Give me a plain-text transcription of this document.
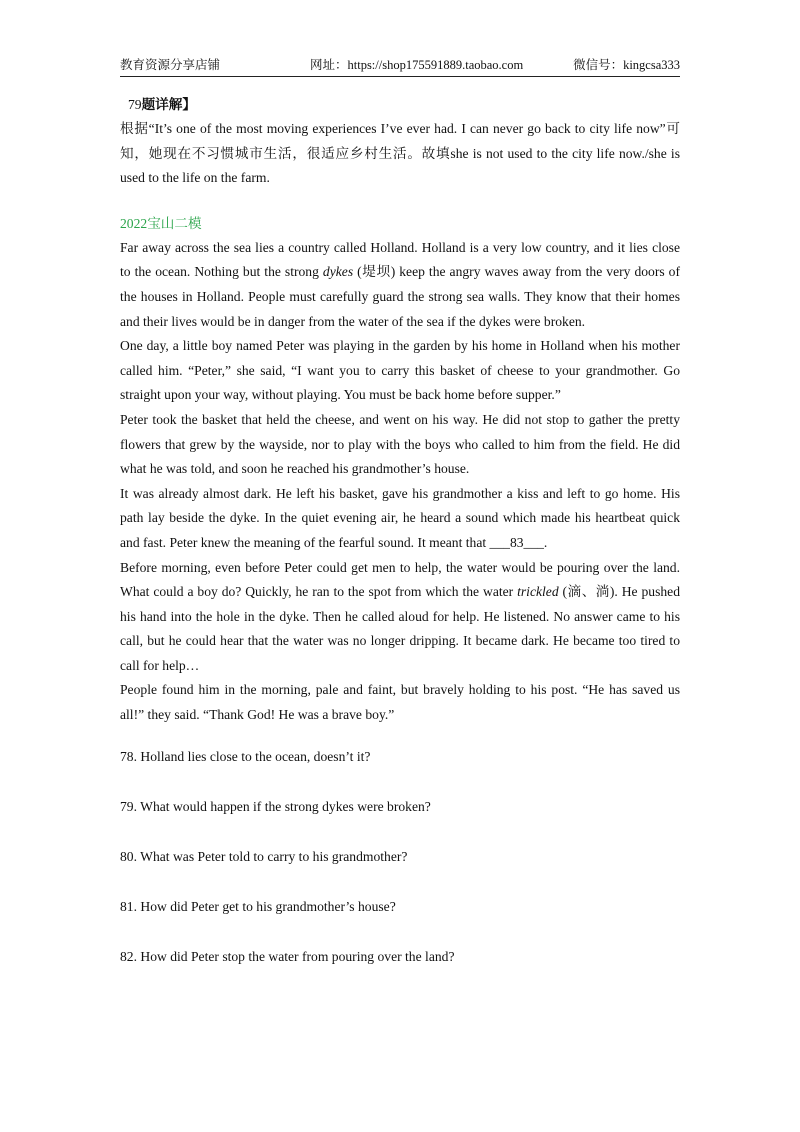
教育资源分享店铺	网址：https://shop175591889.taobao.com	微信号：kingcsa333
79题详解】

根据“It’s one of the most moving experiences I’ve ever had. I can never go back to city life now”可知，她现在不习惯城市生活，很适应乡村生活。故填she is not used to the city life now./she is used to the life on the farm.

2022宝山二模

Far away across the sea lies a country called Holland. Holland is a very low country, and it lies close to the ocean. Nothing but the strong dykes (堤坝) keep the angry waves away from the very doors of the houses in Holland. People must carefully guard the strong sea walls. They know that their homes and their lives would be in danger from the water of the sea if the dykes were broken.

One day, a little boy named Peter was playing in the garden by his home in Holland when his mother called him. “Peter,” she said, “I want you to carry this basket of cheese to your grandmother. Go straight upon your way, without playing. You must be back home before supper.”

Peter took the basket that held the cheese, and went on his way. He did not stop to gather the pretty flowers that grew by the wayside, nor to play with the boys who called to him from the field. He did what he was told, and soon he reached his grandmother’s house.

It was already almost dark. He left his basket, gave his grandmother a kiss and left to go home. His path lay beside the dyke. In the quiet evening air, he heard a sound which made his heartbeat quick and fast. Peter knew the meaning of the fearful sound. It meant that ___83___.

Before morning, even before Peter could get men to help, the water would be pouring over the land. What could a boy do? Quickly, he ran to the spot from which the water trickled (滴、淌). He pushed his hand into the hole in the dyke. Then he called aloud for help. He listened. No answer came to his call, but he could hear that the water was no longer dripping. It became dark. He became too tired to call for help…

People found him in the morning, pale and faint, but bravely holding to his post. “He has saved us all!” they said. “Thank God! He was a brave boy.”

78. Holland lies close to the ocean, doesn’t it?

79. What would happen if the strong dykes were broken?

80. What was Peter told to carry to his grandmother?

81. How did Peter get to his grandmother’s house?

82. How did Peter stop the water from pouring over the land?
